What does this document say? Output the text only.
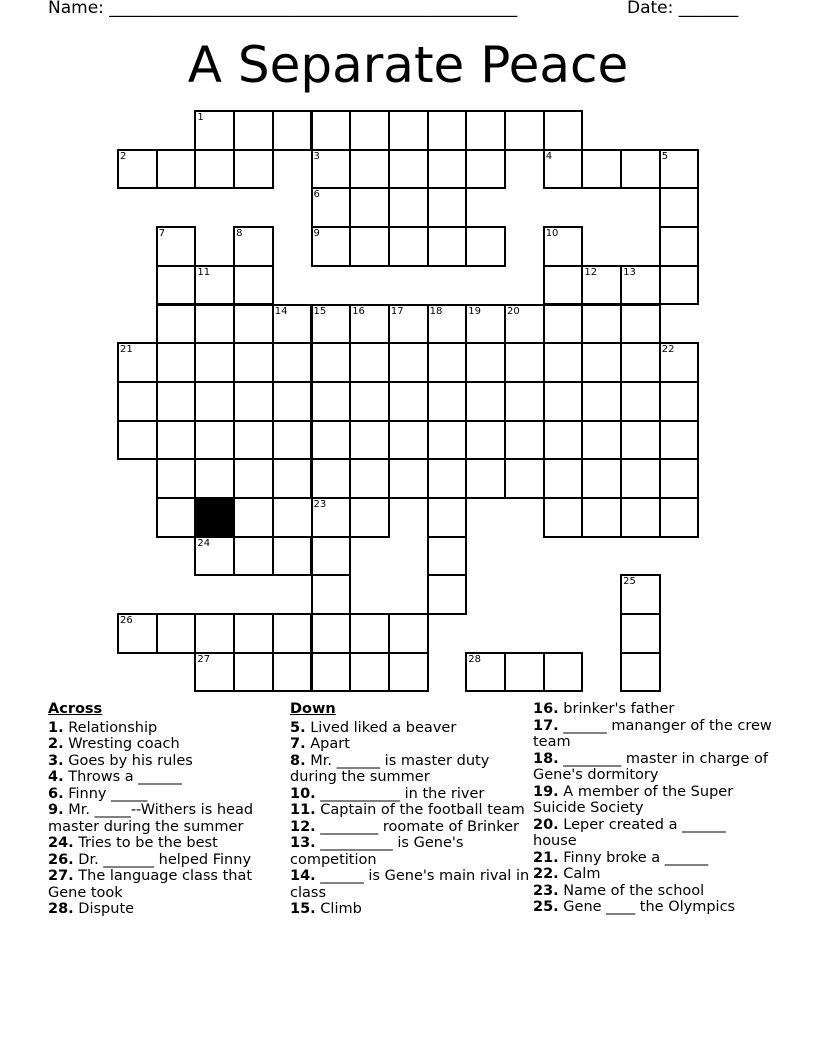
Name: ________________________________________________	Date: _______
A Separate Peace
1
2	3	4	5
6
7	8	9	10
11	12	13
14	15	16	17	18	19	20
21	22
23
24
25
26
27	28
Across
1. Relationship
2. Wresting coach
3. Goes by his rules
4. Throws a ______
6. Finny _____
9. Mr. _____--Withers is head master during the summer
24. Tries to be the best
26. Dr. _______ helped Finny
27. The language class that Gene took
28. Dispute
Down
5. Lived liked a beaver
7. Apart
8. Mr. ______ is master duty during the summer
10. ___________ in the river
11. Captain of the football team
12. ________ roomate of Brinker
13. __________ is Gene's competition
14. ______ is Gene's main rival in class
15. Climb
16. brinker's father
17. ______ mananger of the crew team
18. ________ master in charge of Gene's dormitory
19. A member of the Super Suicide Society
20. Leper created a ______ house
21. Finny broke a ______
22. Calm
23. Name of the school
25. Gene ____ the Olympics
